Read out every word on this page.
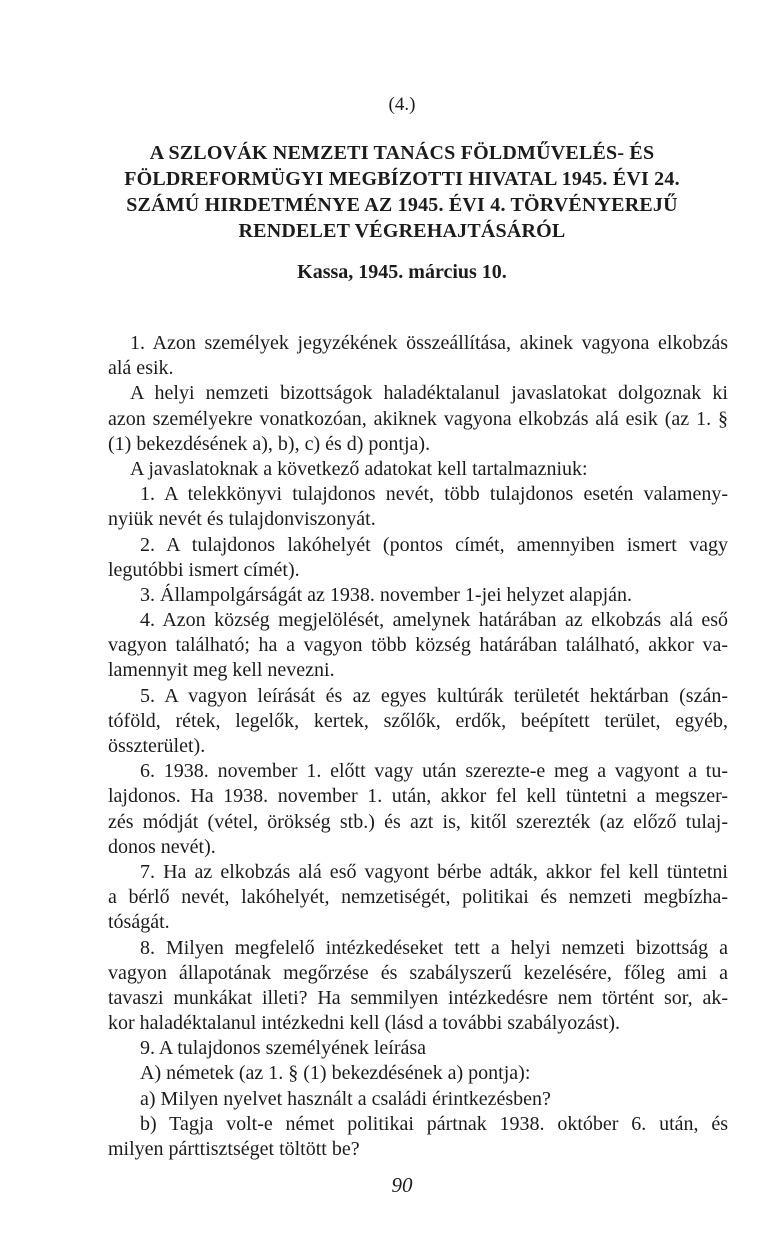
(4.)
A SZLOVÁK NEMZETI TANÁCS FÖLDMŰVELÉS- ÉS
FÖLDREFORMÜGYI MEGBÍZOTTI HIVATAL 1945. ÉVI 24.
SZÁMÚ HIRDETMÉNYE AZ 1945. ÉVI 4. TÖRVÉNYEREJŰ
RENDELET VÉGREHAJTÁSÁRÓL
Kassa, 1945. március 10.
1. Azon személyek jegyzékének összeállítása, akinek vagyona elkobzás
alá esik.
A helyi nemzeti bizottságok haladéktalanul javaslatokat dolgoznak ki
azon személyekre vonatkozóan, akiknek vagyona elkobzás alá esik (az 1. §
(1) bekezdésének a), b), c) és d) pontja).
A javaslatoknak a következő adatokat kell tartalmazniuk:
1. A telekkönyvi tulajdonos nevét, több tulajdonos esetén valameny-
nyiük nevét és tulajdonviszonyát.
2. A tulajdonos lakóhelyét (pontos címét, amennyiben ismert vagy
legutóbbi ismert címét).
3. Állampolgárságát az 1938. november 1-jei helyzet alapján.
4. Azon község megjelölését, amelynek határában az elkobzás alá eső
vagyon található; ha a vagyon több község határában található, akkor va-
lamennyit meg kell nevezni.
5. A vagyon leírását és az egyes kultúrák területét hektárban (szán-
tóföld, rétek, legelők, kertek, szőlők, erdők, beépített terület, egyéb,
összterület).
6. 1938. november 1. előtt vagy után szerezte-e meg a vagyont a tu-
lajdonos. Ha 1938. november 1. után, akkor fel kell tüntetni a megszer-
zés módját (vétel, örökség stb.) és azt is, kitől szerezték (az előző tulaj-
donos nevét).
7. Ha az elkobzás alá eső vagyont bérbe adták, akkor fel kell tüntetni
a bérlő nevét, lakóhelyét, nemzetiségét, politikai és nemzeti megbízha-
tóságát.
8. Milyen megfelelő intézkedéseket tett a helyi nemzeti bizottság a
vagyon állapotának megőrzése és szabályszerű kezelésére, főleg ami a
tavaszi munkákat illeti? Ha semmilyen intézkedésre nem történt sor, ak-
kor haladéktalanul intézkedni kell (lásd a további szabályozást).
9. A tulajdonos személyének leírása
A) németek (az 1. § (1) bekezdésének a) pontja):
a) Milyen nyelvet használt a családi érintkezésben?
b) Tagja volt-e német politikai pártnak 1938. október 6. után, és
milyen párttisztséget töltött be?
90
